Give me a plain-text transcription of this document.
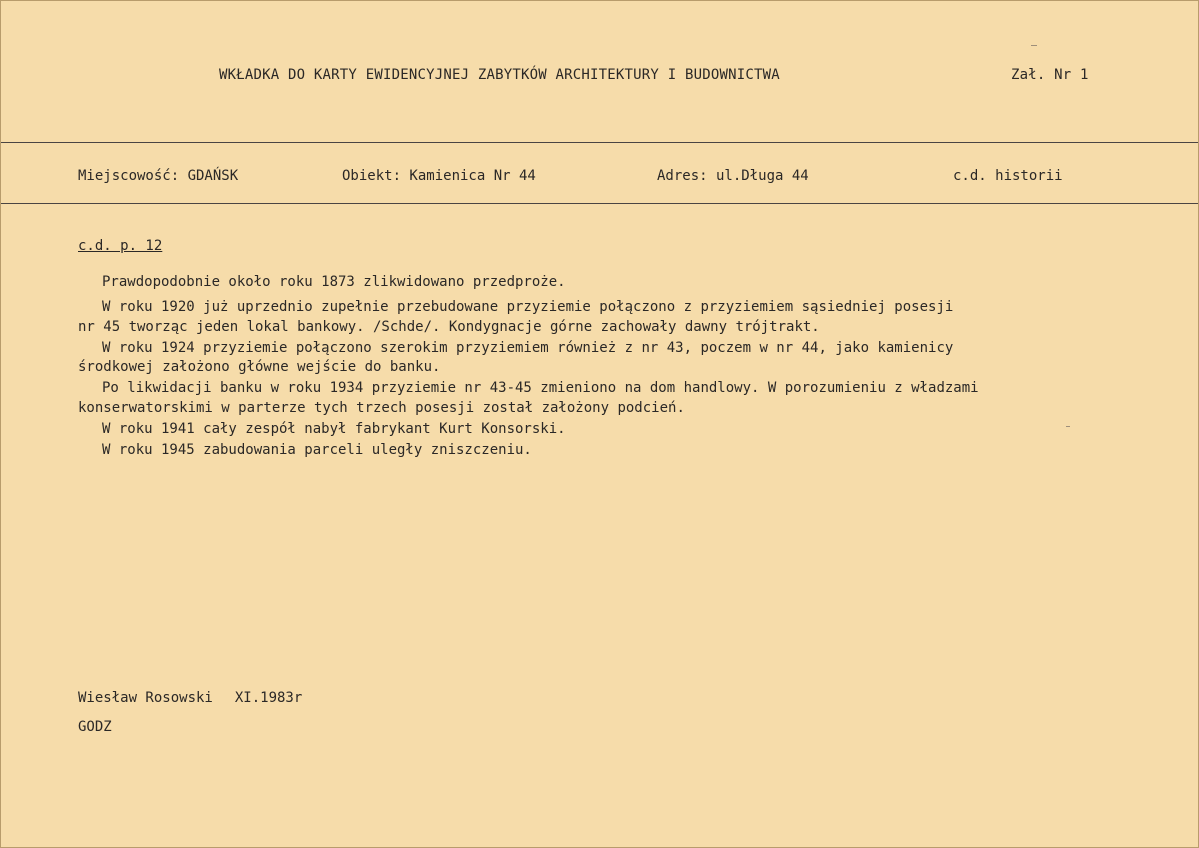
WKŁADKA DO KARTY EWIDENCYJNEJ ZABYTKÓW ARCHITEKTURY I BUDOWNICTWA	Zał. Nr 1
Miejscowość: GDAŃSK	Obiekt: Kamienica Nr 44	Adres: ul.Długa 44	c.d. historii
c.d. p. 12
Prawdopodobnie około roku 1873 zlikwidowano przedproże.
W roku 1920 już uprzednio zupełnie przebudowane przyziemie połączono z przyziemiem sąsiedniej posesji
nr 45 tworząc jeden lokal bankowy. /Schde/. Kondygnacje górne zachowały dawny trójtrakt.
W roku 1924 przyziemie połączono szerokim przyziemiem również z nr 43, poczem w nr 44, jako kamienicy
środkowej założono główne wejście do banku.
Po likwidacji banku w roku 1934 przyziemie nr 43-45 zmieniono na dom handlowy. W porozumieniu z władzami
konserwatorskimi w parterze tych trzech posesji został założony podcień.
W roku 1941 cały zespół nabył fabrykant Kurt Konsorski.
W roku 1945 zabudowania parceli uległy zniszczeniu.
Wiesław Rosowski XI.1983r
GODZ
